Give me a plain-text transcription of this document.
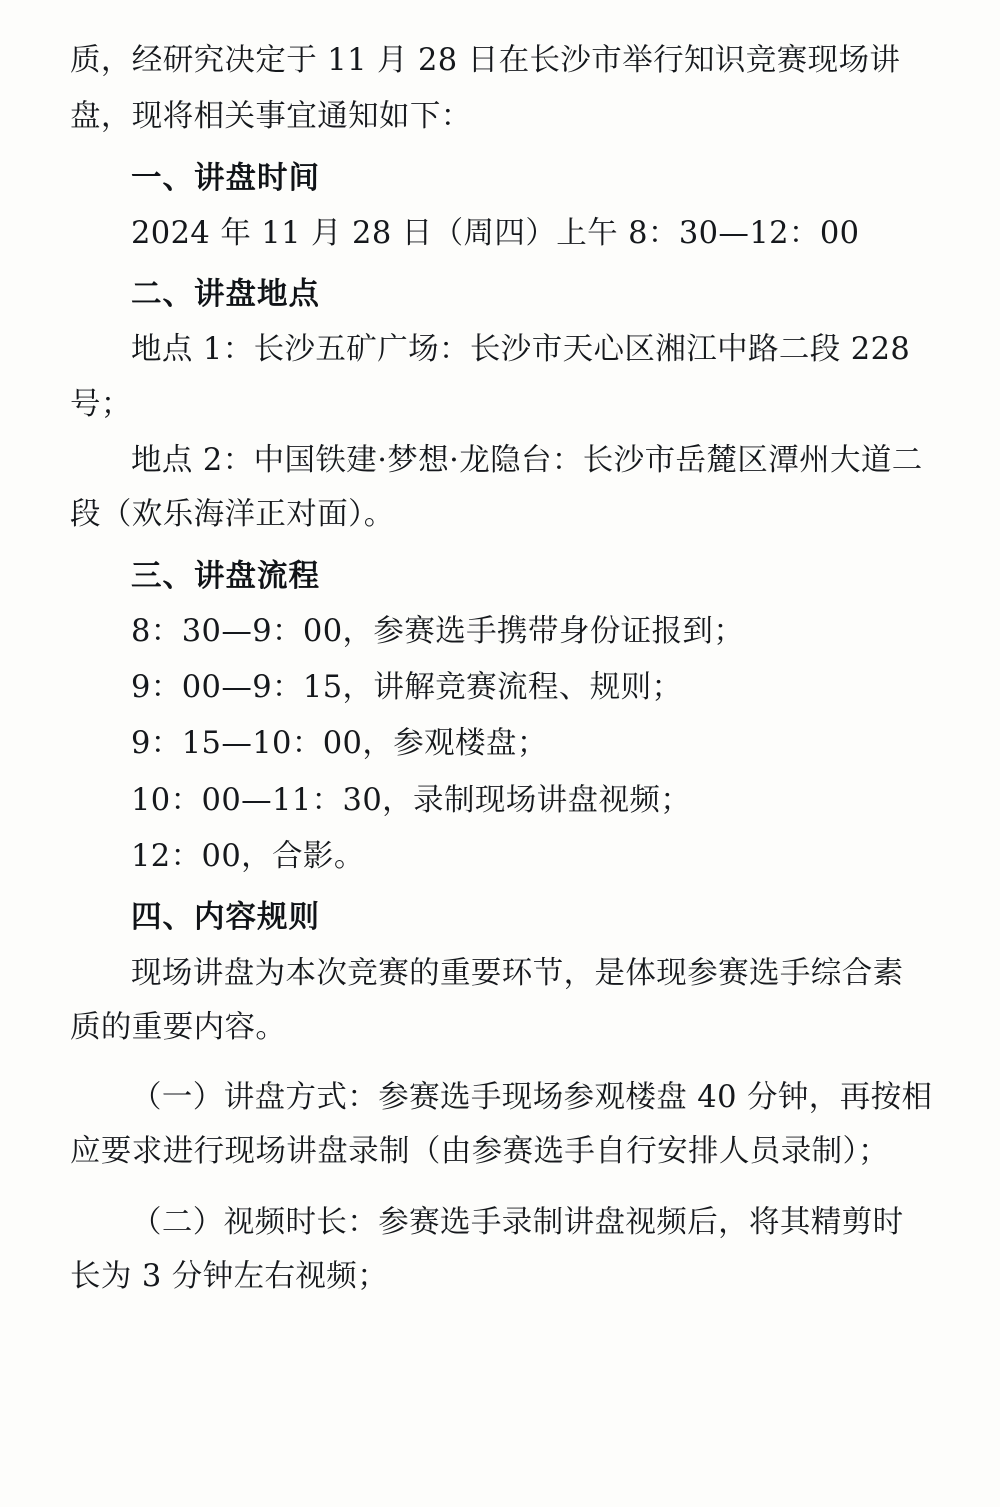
质，经研究决定于 11 月 28 日在长沙市举行知识竞赛现场讲

盘，现将相关事宜通知如下：

一、讲盘时间

2024 年 11 月 28 日（周四）上午 8：30—12：00

二、讲盘地点

地点 1：长沙五矿广场：长沙市天心区湘江中路二段 228 号；

地点 2：中国铁建·梦想·龙隐台：长沙市岳麓区潭州大道二段（欢乐海洋正对面）。

三、讲盘流程

8：30—9：00，参赛选手携带身份证报到；

9：00—9：15，讲解竞赛流程、规则；

9：15—10：00，参观楼盘；

10：00—11：30，录制现场讲盘视频；

12：00，合影。

四、内容规则

现场讲盘为本次竞赛的重要环节，是体现参赛选手综合素质的重要内容。

（一）讲盘方式：参赛选手现场参观楼盘 40 分钟，再按相应要求进行现场讲盘录制（由参赛选手自行安排人员录制）；

（二）视频时长：参赛选手录制讲盘视频后，将其精剪时长为 3 分钟左右视频；
